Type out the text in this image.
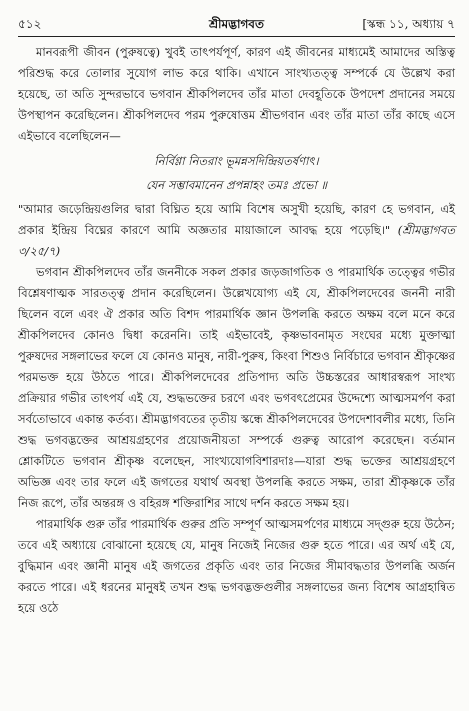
৫১২	শ্রীমদ্ভাগবত	[স্কন্ধ ১১, অধ্যায় ৭

মানবরূপী জীবন (পুরুষত্বে) খুবই তাৎপর্যপূর্ণ, কারণ এই জীবনের মাধ্যমেই আমাদের অস্তিত্ব পরিশুদ্ধ করে তোলার সুযোগ লাভ করে থাকি। এখানে সাংখ্যতত্ত্ব সম্পর্কে যে উল্লেখ করা হয়েছে, তা অতি সুন্দরভাবে ভগবান শ্রীকপিলদেব তাঁর মাতা দেবহূতিকে উপদেশ প্রদানের সময়ে উপস্থাপন করেছিলেন। শ্রীকপিলদেব পরম পুরুষোত্তম শ্রীভগবান এবং তাঁর মাতা তাঁর কাছে এসে এইভাবে বলেছিলেন—

নির্বিণ্ণা নিতরাং ভূমন্নসদিন্দ্রিয়তর্ষণাৎ।
যেন সম্ভাবমানেন প্রপন্নাহং তমঃ প্রভো ॥

"আমার জড়েন্দ্রিয়গুলির দ্বারা বিঘ্নিত হয়ে আমি বিশেষ অসুখী হয়েছি, কারণ হে ভগবান, এই প্রকার ইন্দ্রিয় বিঘ্নের কারণে আমি অজ্ঞতার মায়াজালে আবদ্ধ হয়ে পড়েছি।" (শ্রীমদ্ভাগবত ৩/২৫/৭)

ভগবান শ্রীকপিলদেব তাঁর জননীকে সকল প্রকার জড়জাগতিক ও পারমার্থিক তত্ত্বের গভীর বিশ্লেষণাত্মক সারতত্ত্ব প্রদান করেছিলেন। উল্লেখযোগ্য এই যে, শ্রীকপিলদেবের জননী নারী ছিলেন বলে এবং ঐ প্রকার অতি বিশদ পারমার্থিক জ্ঞান উপলব্ধি করতে অক্ষম বলে মনে করে শ্রীকপিলদেব কোনও দ্বিধা করেননি। তাই এইভাবেই, কৃষ্ণভাবনামৃত সংঘের মধ্যে মুক্তাত্মা পুরুষদের সঙ্গলাভের ফলে যে কোনও মানুষ, নারী-পুরুষ, কিংবা শিশুও নির্বিচারে ভগবান শ্রীকৃষ্ণের পরমভক্ত হয়ে উঠতে পারে। শ্রীকপিলদেবের প্রতিপাদ্য অতি উচ্চস্তরের আধারস্বরূপ সাংখ্য প্রক্রিয়ার গভীর তাৎপর্য এই যে, শুদ্ধভক্তের চরণে এবং ভগবৎপ্রেমের উদ্দেশ্যে আত্মসমর্পণ করা সর্বতোভাবে একান্ত কর্তব্য। শ্রীমদ্ভাগবতের তৃতীয় স্কন্ধে শ্রীকপিলদেবের উপদেশাবলীর মধ্যে, তিনি শুদ্ধ ভগবদ্ভক্তের আশ্রয়গ্রহণের প্রয়োজনীয়তা সম্পর্কে গুরুত্ব আরোপ করেছেন। বর্তমান শ্লোকটিতে ভগবান শ্রীকৃষ্ণ বলেছেন, সাংখ্যযোগবিশারদাঃ—যারা শুদ্ধ ভক্তের আশ্রয়গ্রহণে অভিজ্ঞ এবং তার ফলে এই জগতের যথার্থ অবস্থা উপলব্ধি করতে সক্ষম, তারা শ্রীকৃষ্ণকে তাঁর নিজ রূপে, তাঁর অন্তরঙ্গ ও বহিরঙ্গ শক্তিরাশির সাথে দর্শন করতে সক্ষম হয়।

পারমার্থিক গুরু তাঁর পারমার্থিক গুরুর প্রতি সম্পূর্ণ আত্মসমর্পণের মাধ্যমে সদ্গুরু হয়ে উঠেন; তবে এই অধ্যায়ে বোঝানো হয়েছে যে, মানুষ নিজেই নিজের গুরু হতে পারে। এর অর্থ এই যে, বুদ্ধিমান এবং জ্ঞানী মানুষ এই জগতের প্রকৃতি এবং তার নিজের সীমাবদ্ধতার উপলব্ধি অর্জন করতে পারে। এই ধরনের মানুষই তখন শুদ্ধ ভগবদ্ভক্তগুলীর সঙ্গলাভের জন্য বিশেষ আগ্রহান্বিত হয়ে ওঠে
